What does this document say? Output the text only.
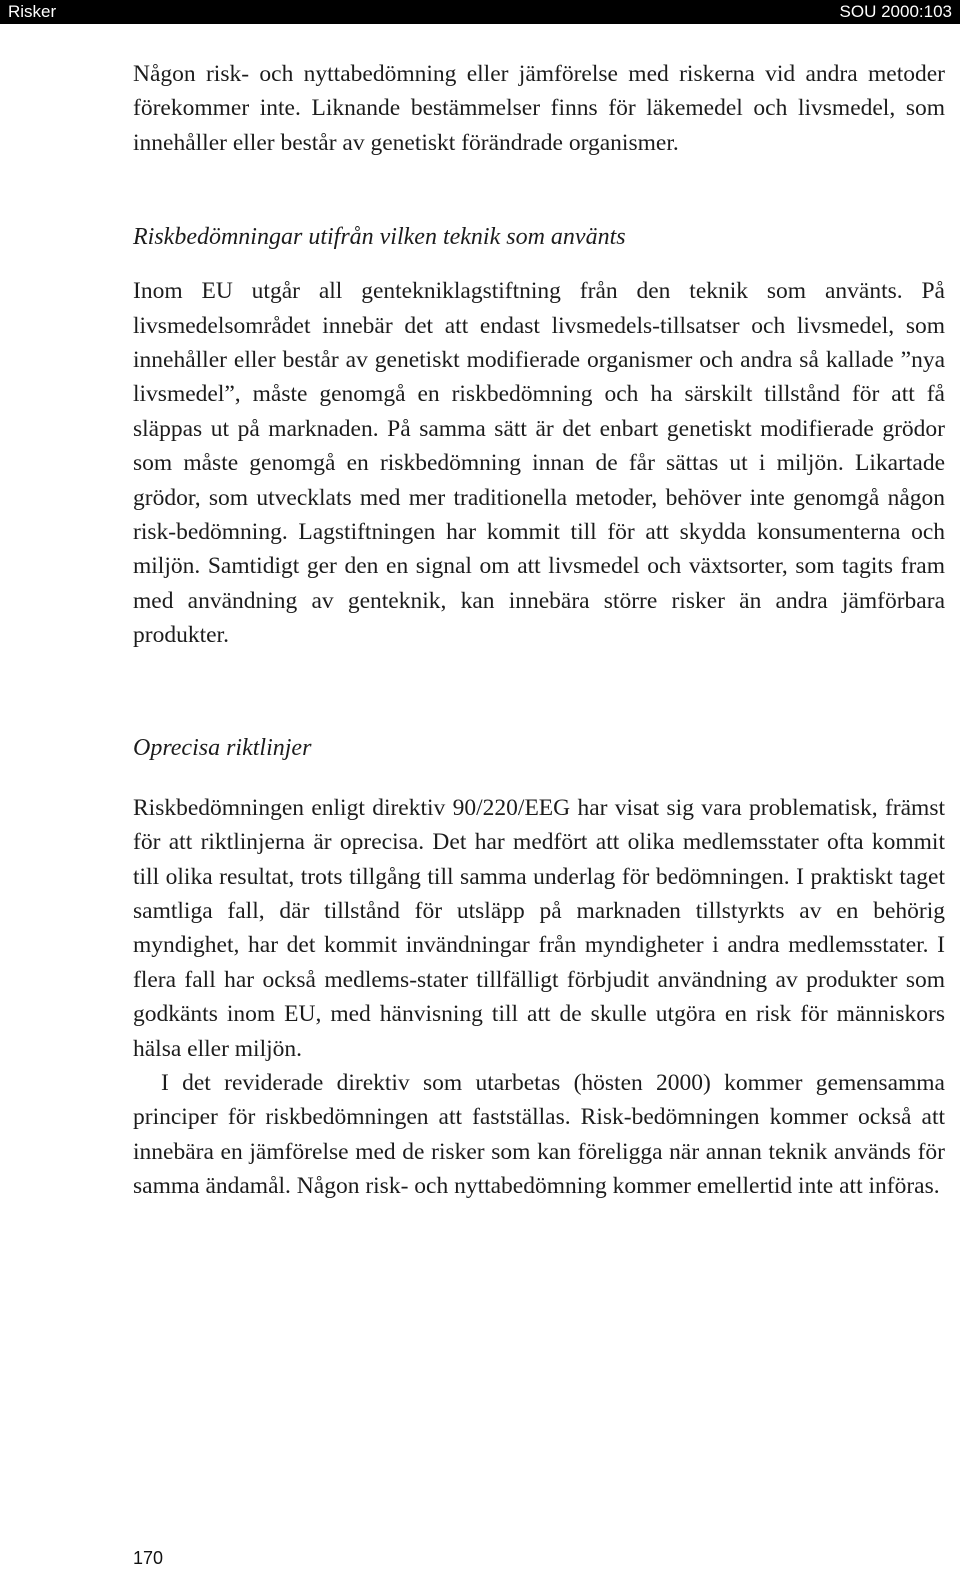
Risker	SOU 2000:103

Någon risk- och nyttabedömning eller jämförelse med riskerna vid andra metoder förekommer inte. Liknande bestämmelser finns för läkemedel och livsmedel, som innehåller eller består av genetiskt förändrade organismer.

Riskbedömningar utifrån vilken teknik som använts

Inom EU utgår all gentekniklagstiftning från den teknik som använts. På livsmedelsområdet innebär det att endast livsmedels-tillsatser och livsmedel, som innehåller eller består av genetiskt modifierade organismer och andra så kallade ”nya livsmedel”, måste genomgå en riskbedömning och ha särskilt tillstånd för att få släppas ut på marknaden. På samma sätt är det enbart genetiskt modifierade grödor som måste genomgå en riskbedömning innan de får sättas ut i miljön. Likartade grödor, som utvecklats med mer traditionella metoder, behöver inte genomgå någon risk-bedömning. Lagstiftningen har kommit till för att skydda konsumenterna och miljön. Samtidigt ger den en signal om att livsmedel och växtsorter, som tagits fram med användning av genteknik, kan innebära större risker än andra jämförbara produkter.

Oprecisa riktlinjer

Riskbedömningen enligt direktiv 90/220/EEG har visat sig vara problematisk, främst för att riktlinjerna är oprecisa. Det har medfört att olika medlemsstater ofta kommit till olika resultat, trots tillgång till samma underlag för bedömningen. I praktiskt taget samtliga fall, där tillstånd för utsläpp på marknaden tillstyrkts av en behörig myndighet, har det kommit invändningar från myndigheter i andra medlemsstater. I flera fall har också medlems-stater tillfälligt förbjudit användning av produkter som godkänts inom EU, med hänvisning till att de skulle utgöra en risk för människors hälsa eller miljön.

I det reviderade direktiv som utarbetas (hösten 2000) kommer gemensamma principer för riskbedömningen att fastställas. Risk-bedömningen kommer också att innebära en jämförelse med de risker som kan föreligga när annan teknik används för samma ändamål. Någon risk- och nyttabedömning kommer emellertid inte att införas.

170
